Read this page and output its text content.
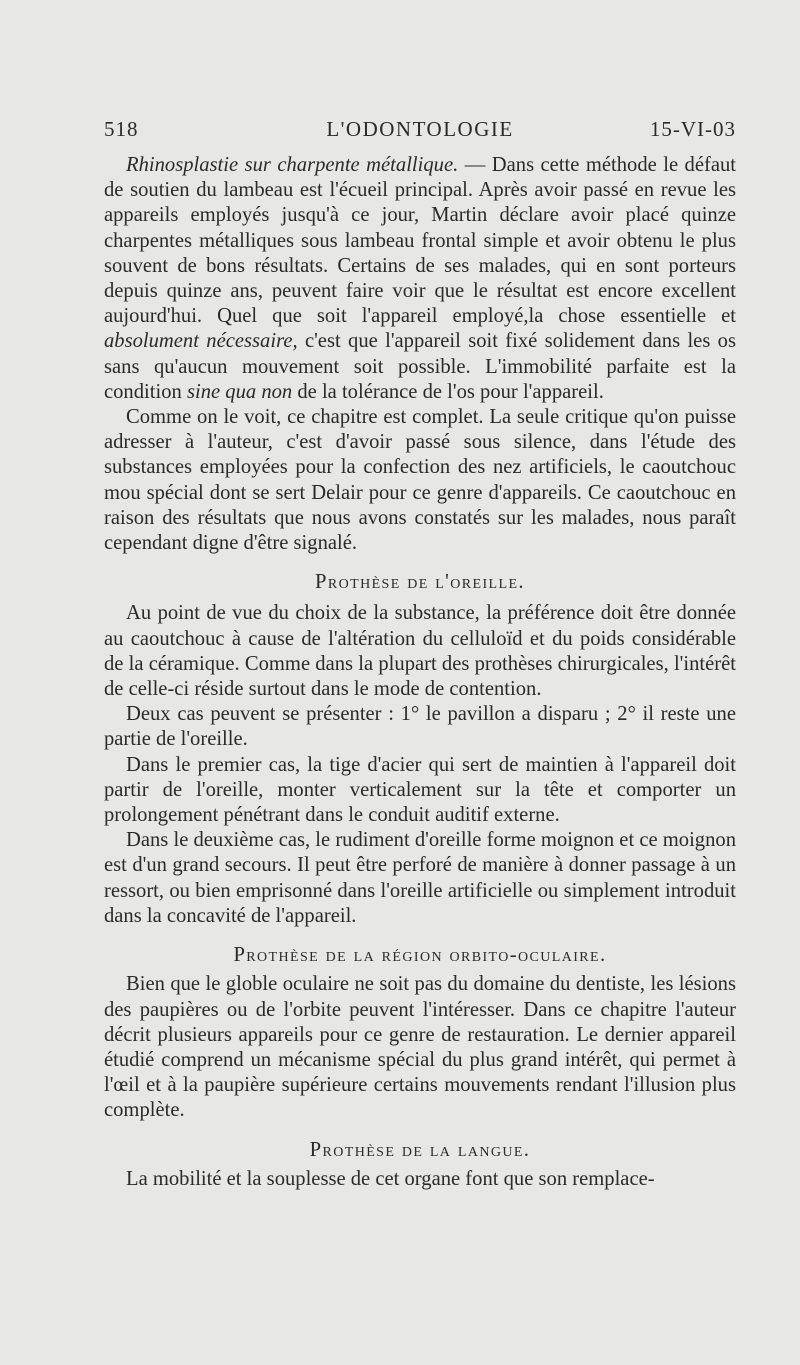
518	L'ODONTOLOGIE	15-VI-03

Rhinosplastie sur charpente métallique. — Dans cette méthode le défaut de soutien du lambeau est l'écueil principal. Après avoir passé en revue les appareils employés jusqu'à ce jour, Martin déclare avoir placé quinze charpentes métalliques sous lambeau frontal simple et avoir obtenu le plus souvent de bons résultats. Certains de ses malades, qui en sont porteurs depuis quinze ans, peuvent faire voir que le résultat est encore excellent aujourd'hui. Quel que soit l'appareil employé,la chose essentielle et absolument nécessaire, c'est que l'appareil soit fixé solidement dans les os sans qu'aucun mouvement soit possible. L'immobilité parfaite est la condition sine qua non de la tolérance de l'os pour l'appareil.

Comme on le voit, ce chapitre est complet. La seule critique qu'on puisse adresser à l'auteur, c'est d'avoir passé sous silence, dans l'étude des substances employées pour la confection des nez artificiels, le caoutchouc mou spécial dont se sert Delair pour ce genre d'appareils. Ce caoutchouc en raison des résultats que nous avons constatés sur les malades, nous paraît cependant digne d'être signalé.

Prothèse de l'oreille.

Au point de vue du choix de la substance, la préférence doit être donnée au caoutchouc à cause de l'altération du celluloïd et du poids considérable de la céramique. Comme dans la plupart des prothèses chirurgicales, l'intérêt de celle-ci réside surtout dans le mode de contention.

Deux cas peuvent se présenter : 1° le pavillon a disparu ; 2° il reste une partie de l'oreille.

Dans le premier cas, la tige d'acier qui sert de maintien à l'appareil doit partir de l'oreille, monter verticalement sur la tête et comporter un prolongement pénétrant dans le conduit auditif externe.

Dans le deuxième cas, le rudiment d'oreille forme moignon et ce moignon est d'un grand secours. Il peut être perforé de manière à donner passage à un ressort, ou bien emprisonné dans l'oreille artificielle ou simplement introduit dans la concavité de l'appareil.

Prothèse de la région orbito-oculaire.

Bien que le globle oculaire ne soit pas du domaine du dentiste, les lésions des paupières ou de l'orbite peuvent l'intéresser. Dans ce chapitre l'auteur décrit plusieurs appareils pour ce genre de restauration. Le dernier appareil étudié comprend un mécanisme spécial du plus grand intérêt, qui permet à l'œil et à la paupière supérieure certains mouvements rendant l'illusion plus complète.

Prothèse de la langue.

La mobilité et la souplesse de cet organe font que son remplace-
